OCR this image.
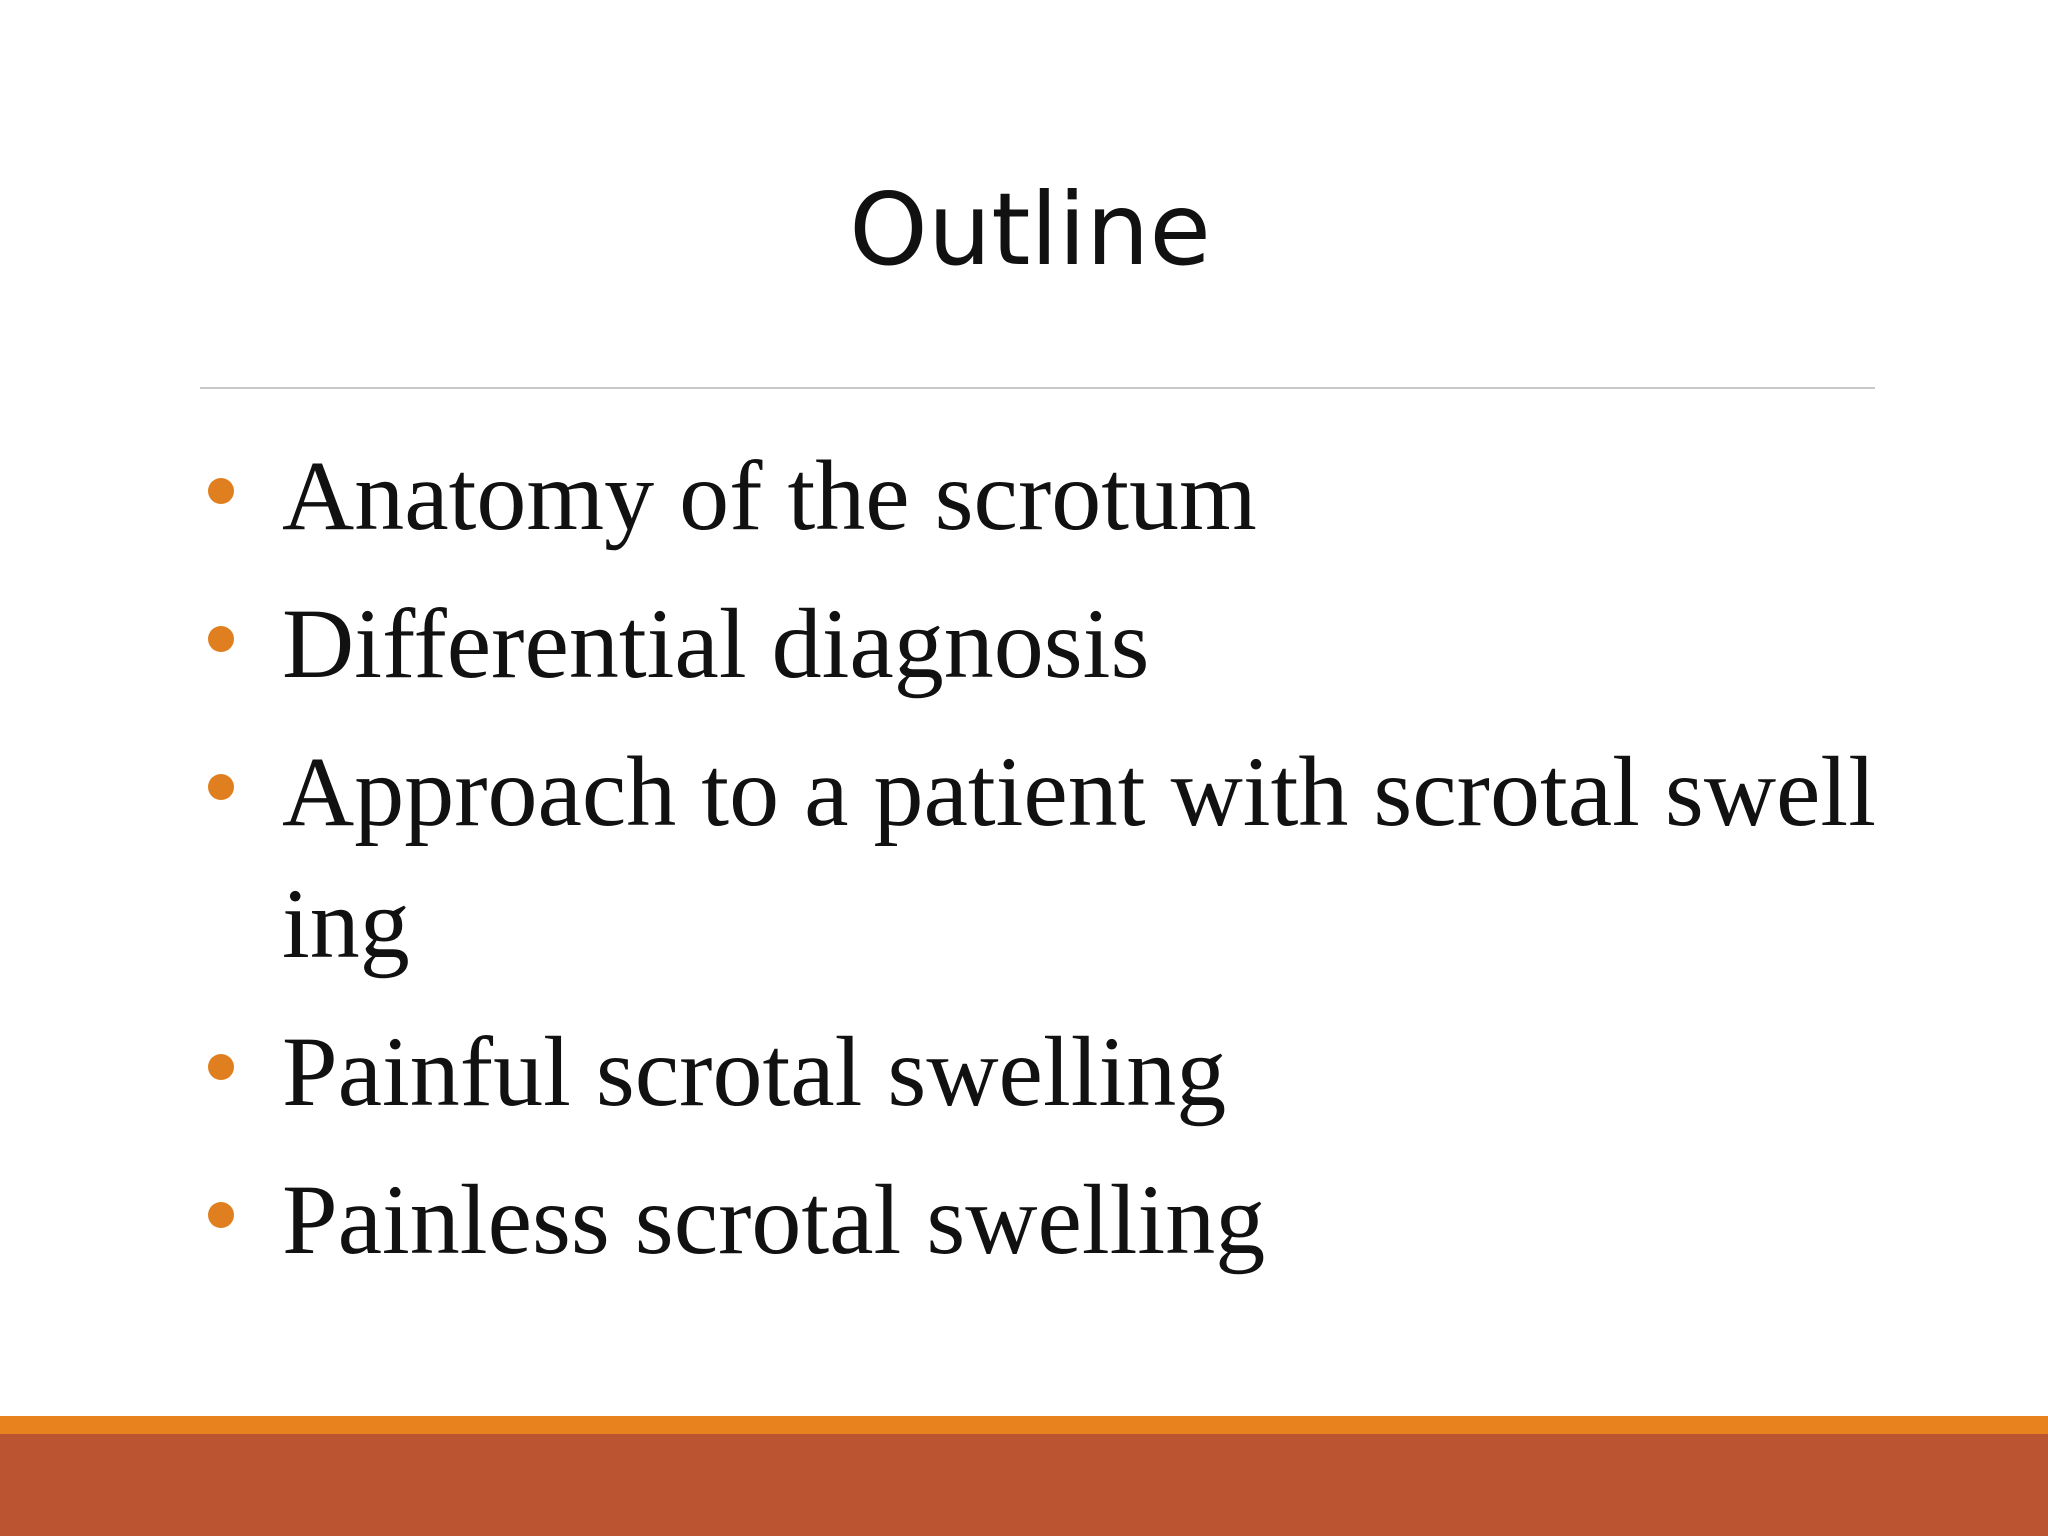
Outline
Anatomy of the scrotum
Differential diagnosis
Approach to a patient with scrotal swelling
Painful scrotal swelling
Painless scrotal swelling
